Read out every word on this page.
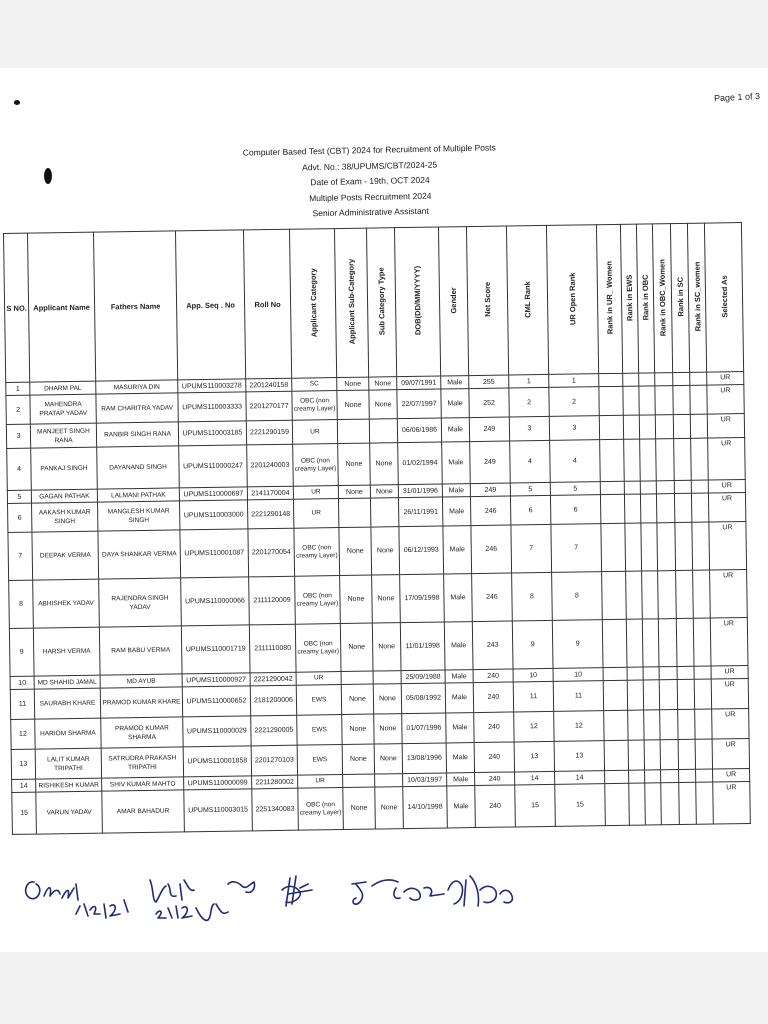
Page 1 of 3
Computer Based Test (CBT) 2024 for Recruitment of Multiple Posts
Advt. No.: 38/UPUMS/CBT/2024-25
Date of Exam - 19th, OCT 2024
Multiple Posts Recruitment 2024
Senior Administrative Assistant
S NO.	Applicant Name	Fathers Name	App. Seq . No	Roll No	Applicant Category	Applicant Sub-Category	Sub Category Type	DOB(DD/MM/YYYY)	Gender	Net Score	CML Rank	UR Open Rank	Rank in UR_ Women	Rank in EWS	Rank in OBC	Rank in OBC_Women	Rank in SC	Rank in SC_women	Selected As
1	DHARM PAL	MASURIYA DIN	UPUMS110003278	2201240158	SC	None	None	09/07/1991	Male	255	1	1							UR
2	MAHENDRA PRATAP YADAV	RAM CHARITRA YADAV	UPUMS110003333	2201270177	OBC (non creamy Layer)	None	None	22/07/1997	Male	252	2	2							UR
3	MANJEET SINGH RANA	RANBIR SINGH RANA	UPUMS110003185	2221290159	UR			06/06/1986	Male	249	3	3							UR
4	PANKAJ SINGH	DAYANAND SINGH	UPUMS110000247	2201240003	OBC (non creamy Layer)	None	None	01/02/1994	Male	249	4	4							UR
5	GAGAN PATHAK	LALMANI PATHAK	UPUMS110000697	2141170004	UR	None	None	31/01/1996	Male	249	5	5							UR
6	AAKASH KUMAR SINGH	MANGLESH KUMAR SINGH	UPUMS110003000	2221290148	UR			26/11/1991	Male	246	6	6							UR
7	DEEPAK VERMA	DAYA SHANKAR VERMA	UPUMS110001087	2201270054	OBC (non creamy Layer)	None	None	06/12/1993	Male	246	7	7							UR
8	ABHISHEK YADAV	RAJENDRA SINGH YADAV	UPUMS110000066	2111120009	OBC (non creamy Layer)	None	None	17/09/1998	Male	246	8	8							UR
9	HARSH VERMA	RAM BABU VERMA	UPUMS110001719	2111110080	OBC (non creamy Layer)	None	None	11/01/1998	Male	243	9	9							UR
10	MD SHAHID JAMAL	MD AYUB	UPUMS110000927	2221290042	UR			25/09/1988	Male	240	10	10							UR
11	SAURABH KHARE	PRAMOD KUMAR KHARE	UPUMS110000652	2181200006	EWS	None	None	05/08/1992	Male	240	11	11							UR
12	HARIOM SHARMA	PRAMOD KUMAR SHARMA	UPUMS110000029	2221290005	EWS	None	None	01/07/1996	Male	240	12	12							UR
13	LALIT KUMAR TRIPATHI	SATRUDRA PRAKASH TRIPATHI	UPUMS110001858	2201270103	EWS	None	None	13/08/1996	Male	240	13	13							UR
14	RISHIKESH KUMAR	SHIV KUMAR MAHTO	UPUMS110000099	2211280002	UR			10/03/1997	Male	240	14	14							UR
15	VARUN YADAV	AMAR BAHADUR	UPUMS110003015	2251340083	OBC (non creamy Layer)	None	None	14/10/1998	Male	240	15	15							UR
